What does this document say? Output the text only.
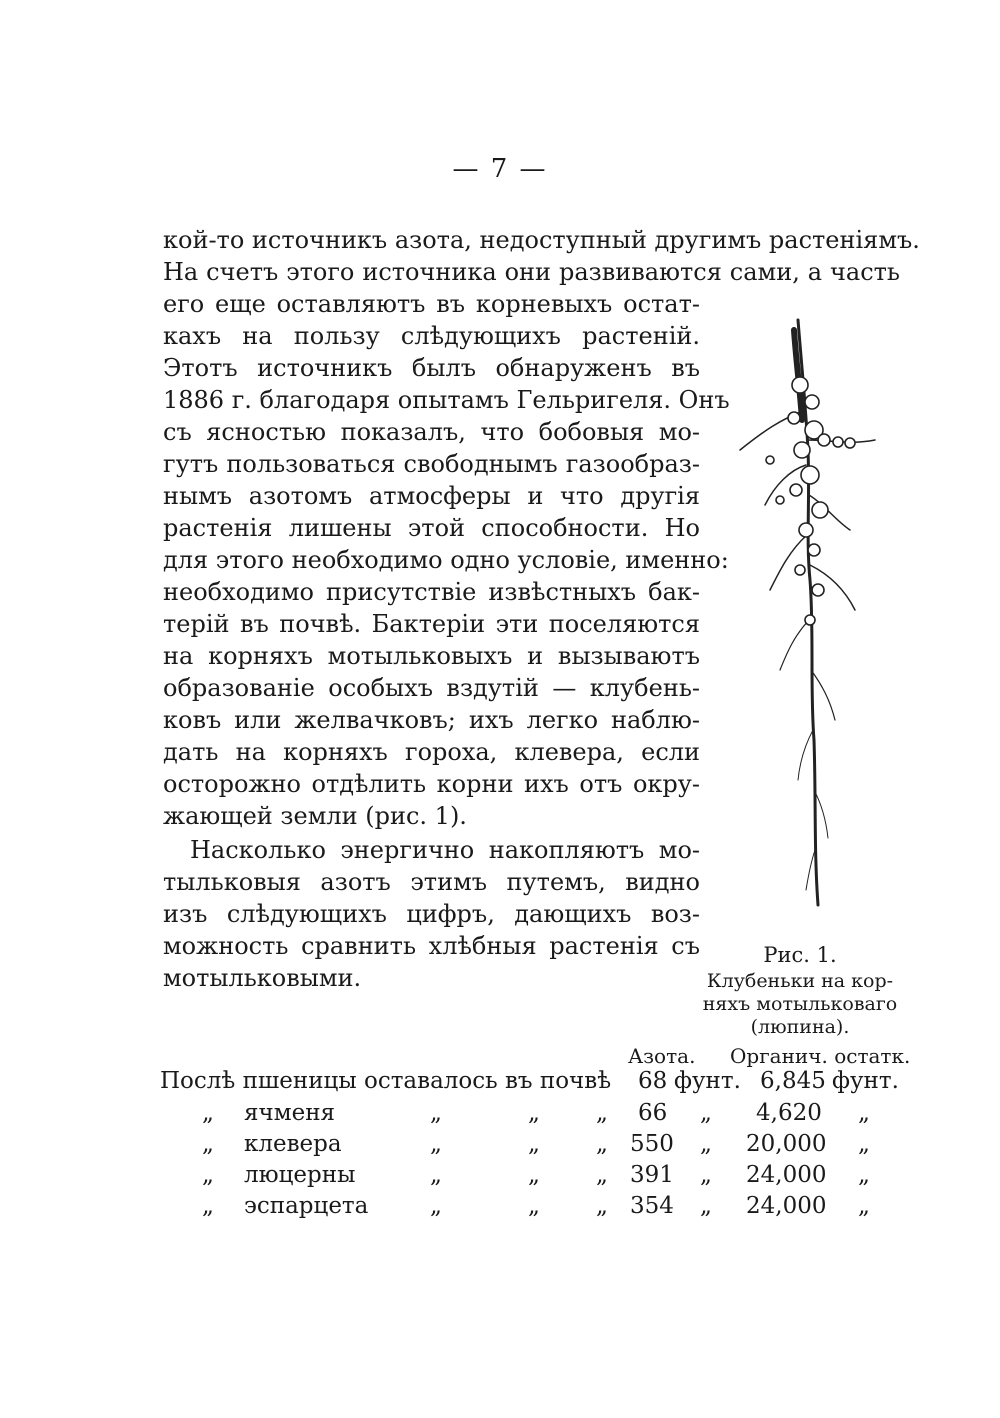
— 7 —
кой-то источникъ азота, недоступный другимъ растеніямъ.
На счетъ этого источника они развиваются сами, а часть
его еще оставляютъ въ корневыхъ остат-
кахъ на пользу слѣдующихъ растеній.
Этотъ источникъ былъ обнаруженъ въ
1886 г. благодаря опытамъ Гельригеля. Онъ
съ ясностью показалъ, что бобовыя мо-
гутъ пользоваться свободнымъ газообраз-
нымъ азотомъ атмосферы и что другія
растенія лишены этой способности. Но
для этого необходимо одно условіе, именно:
необходимо присутствіе извѣстныхъ бак-
терій въ почвѣ. Бактеріи эти поселяются
на корняхъ мотыльковыхъ и вызываютъ
образованіе особыхъ вздутій — клубень-
ковъ или желвачковъ; ихъ легко наблю-
дать на корняхъ гороха, клевера, если
осторожно отдѣлить корни ихъ отъ окру-
жающей земли (рис. 1).
Насколько энергично накопляютъ мо-
тыльковыя азотъ этимъ путемъ, видно
изъ слѣдующихъ цифръ, дающихъ воз-
можность сравнить хлѣбныя растенія съ
мотыльковыми.
Рис. 1.
Клубеньки на кор-
няхъ мотыльковаго
(люпина).
Азота. Органич. остатк.
Послѣ пшеницы оставалось въ почвѣ 68 фунт. 6,845 фунт.
„ ячменя	„	„ „ 66 „ 4,620 „
„ клевера	„	„ „ 550 „ 20,000 „
„ люцерны	„	„ „ 391 „ 24,000 „
„ эспарцета	„	„ „ 354 „ 24,000 „
